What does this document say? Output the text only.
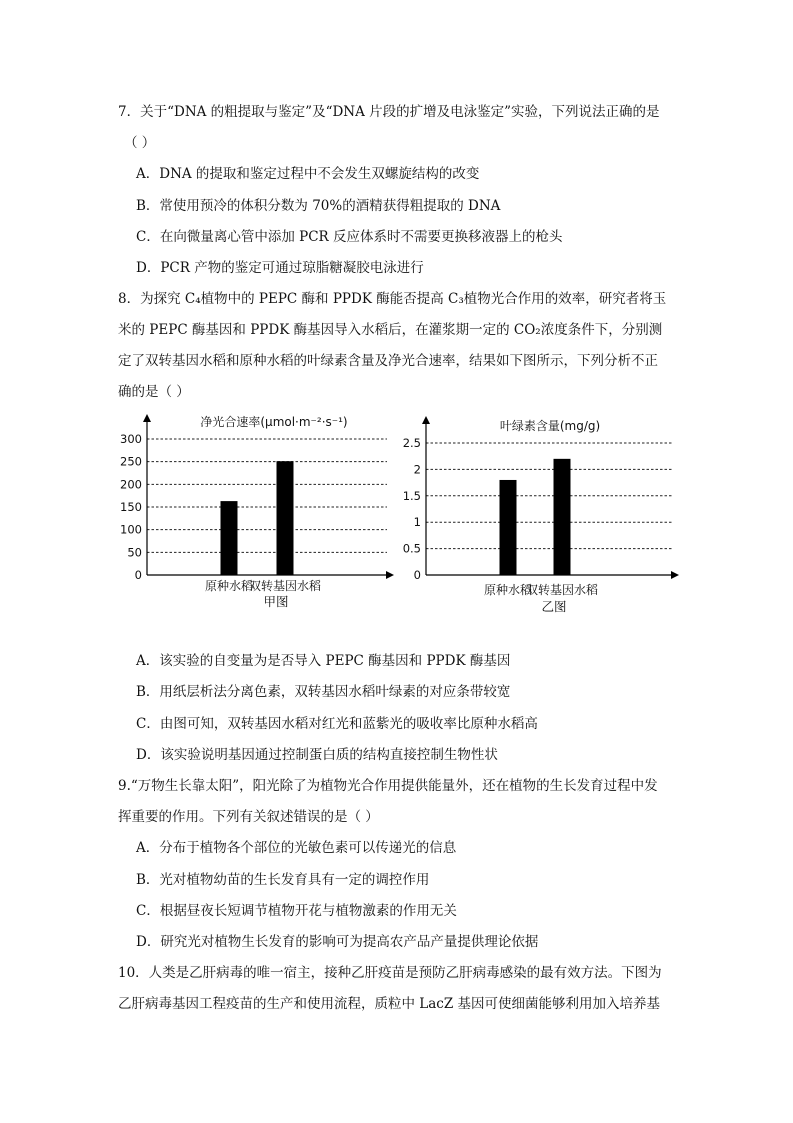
7．关于“DNA 的粗提取与鉴定”及“DNA 片段的扩增及电泳鉴定”实验，下列说法正确的是
（ ）
A．DNA 的提取和鉴定过程中不会发生双螺旋结构的改变
B．常使用预冷的体积分数为 70%的酒精获得粗提取的 DNA
C．在向微量离心管中添加 PCR 反应体系时不需要更换移液器上的枪头
D．PCR 产物的鉴定可通过琼脂糖凝胶电泳进行
8．为探究 C₄植物中的 PEPC 酶和 PPDK 酶能否提高 C₃植物光合作用的效率，研究者将玉
米的 PEPC 酶基因和 PPDK 酶基因导入水稻后，在灌浆期一定的 CO₂浓度条件下，分别测
定了双转基因水稻和原种水稻的叶绿素含量及净光合速率，结果如下图所示，下列分析不正
确的是（ ）
净光合速率(μmol·m⁻²·s⁻¹)
甲图
0
50
100
150
200
250
300
原种水稻
双转基因水稻
叶绿素含量(mg/g)
乙图
0
0.5
1
1.5
2
2.5
原种水稻
双转基因水稻
A．该实验的自变量为是否导入 PEPC 酶基因和 PPDK 酶基因
B．用纸层析法分离色素，双转基因水稻叶绿素的对应条带较宽
C．由图可知，双转基因水稻对红光和蓝紫光的吸收率比原种水稻高
D．该实验说明基因通过控制蛋白质的结构直接控制生物性状
9.“万物生长靠太阳”，阳光除了为植物光合作用提供能量外，还在植物的生长发育过程中发
挥重要的作用。下列有关叙述错误的是（ ）
A．分布于植物各个部位的光敏色素可以传递光的信息
B．光对植物幼苗的生长发育具有一定的调控作用
C．根据昼夜长短调节植物开花与植物激素的作用无关
D．研究光对植物生长发育的影响可为提高农产品产量提供理论依据
10．人类是乙肝病毒的唯一宿主，接种乙肝疫苗是预防乙肝病毒感染的最有效方法。下图为
乙肝病毒基因工程疫苗的生产和使用流程，质粒中 LacZ 基因可使细菌能够利用加入培养基
